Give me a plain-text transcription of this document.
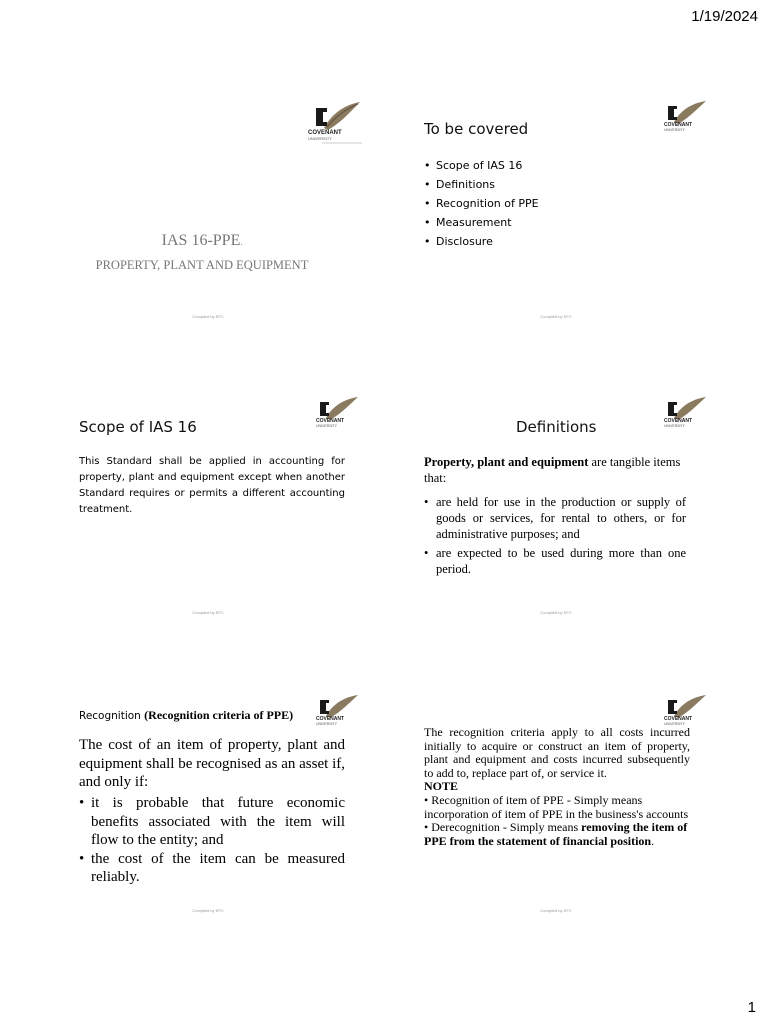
1/19/2024
COVENANT
UNIVERSITY
IAS 16-PPE.
PROPERTY, PLANT AND EQUIPMENT
Compiled by EFC
COVENANT
UNIVERSITY
To be covered
• Scope of IAS 16
• Definitions
• Recognition of PPE
• Measurement
• Disclosure
Compiled by EFC
COVENANT
UNIVERSITY
Scope of IAS 16
This Standard shall be applied in accounting for property, plant and equipment except when another Standard requires or permits a different accounting treatment.
Compiled by EFC
COVENANT
UNIVERSITY
Definitions
Property, plant and equipment are tangible items that:
• are held for use in the production or supply of goods or services, for rental to others, or for administrative purposes; and
• are expected to be used during more than one period.
Compiled by EFC
COVENANT
UNIVERSITY
Recognition (Recognition criteria of PPE)
The cost of an item of property, plant and equipment shall be recognised as an asset if, and only if:
• it is probable that future economic benefits associated with the item will flow to the entity; and
• the cost of the item can be measured reliably.
Compiled by EFC
COVENANT
UNIVERSITY
The recognition criteria apply to all costs incurred initially to acquire or construct an item of property, plant and equipment and costs incurred subsequently to add to, replace part of, or service it.
NOTE
• Recognition of item of PPE - Simply means incorporation of item of PPE in the business's accounts
• Derecognition - Simply means removing the item of PPE from the statement of financial position.
Compiled by EFC
1
